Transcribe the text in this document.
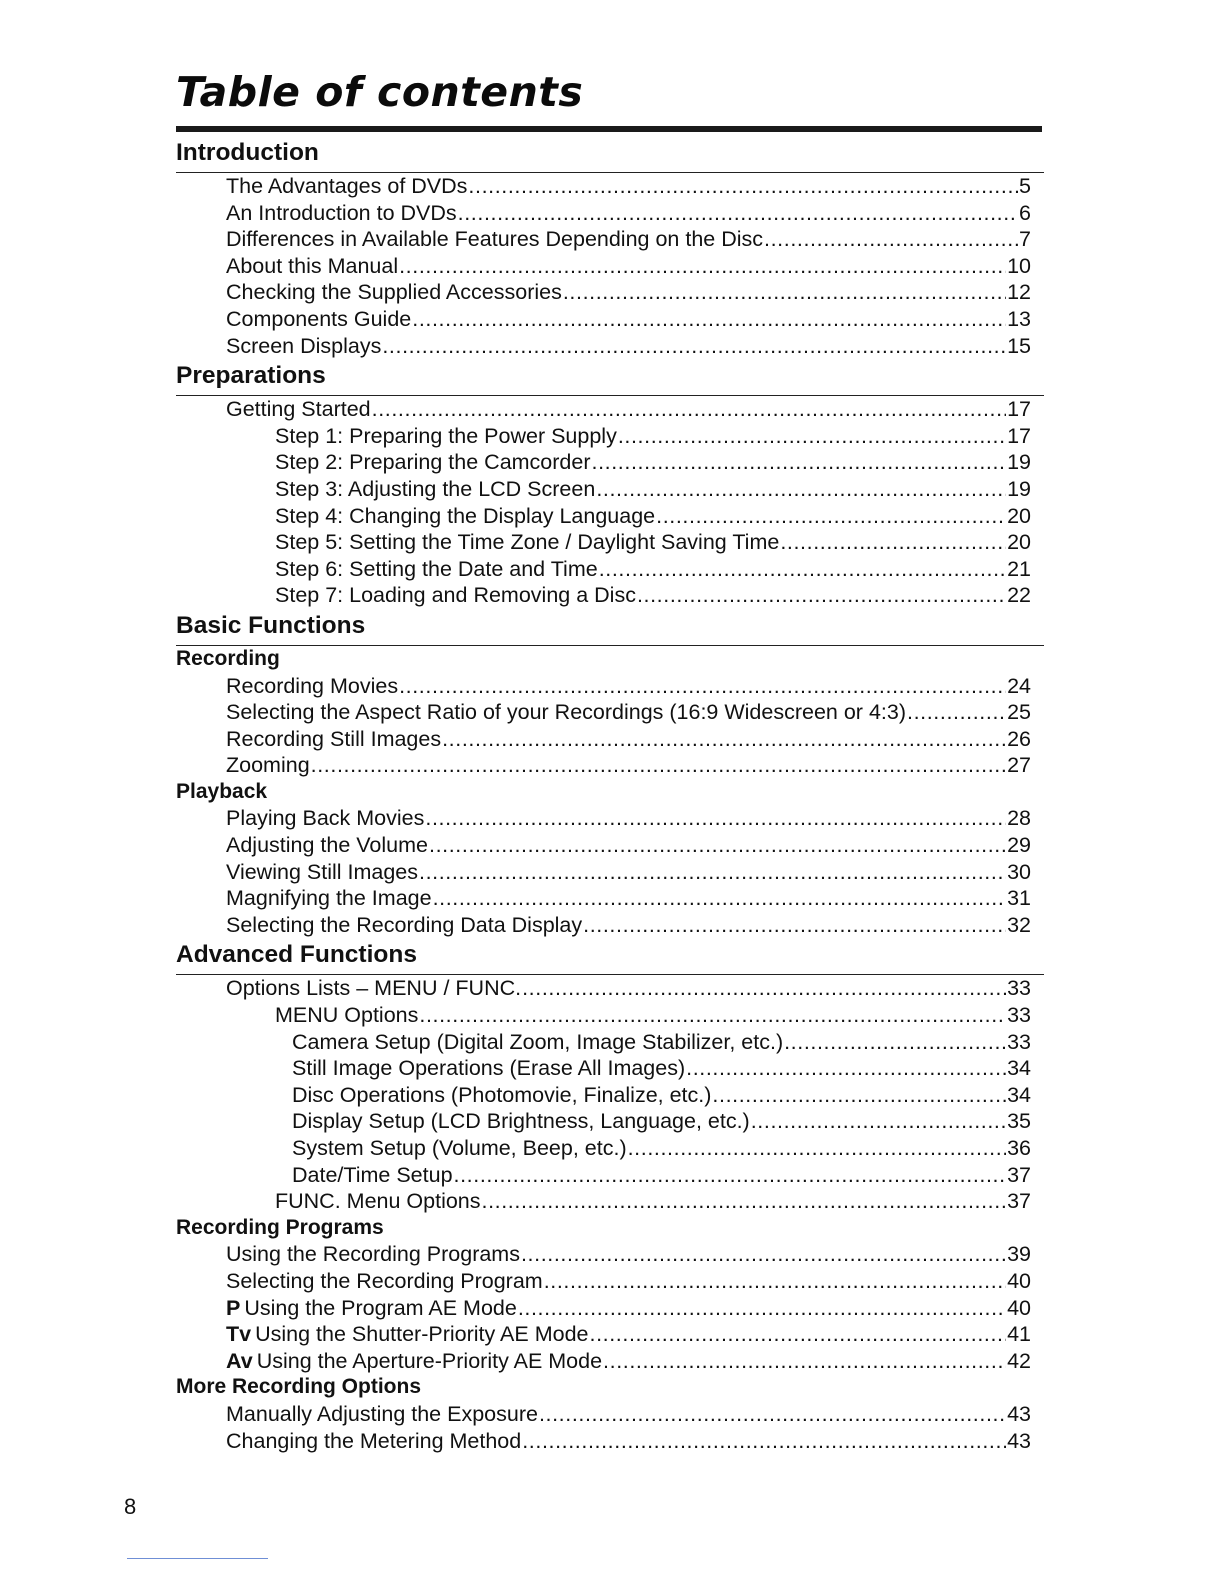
Table of contents
Introduction
The Advantages of DVDs .....	5
An Introduction to DVDs .....	6
Differences in Available Features Depending on the Disc .....	7
About this Manual .....	10
Checking the Supplied Accessories .....	12
Components Guide .....	13
Screen Displays .....	15
Preparations
Getting Started .....	17
Step 1: Preparing the Power Supply .....	17
Step 2: Preparing the Camcorder .....	19
Step 3: Adjusting the LCD Screen .....	19
Step 4: Changing the Display Language .....	20
Step 5: Setting the Time Zone / Daylight Saving Time .....	20
Step 6: Setting the Date and Time .....	21
Step 7: Loading and Removing a Disc .....	22
Basic Functions
Recording
Recording Movies .....	24
Selecting the Aspect Ratio of your Recordings (16:9 Widescreen or 4:3) .....	25
Recording Still Images .....	26
Zooming .....	27
Playback
Playing Back Movies .....	28
Adjusting the Volume .....	29
Viewing Still Images .....	30
Magnifying the Image .....	31
Selecting the Recording Data Display .....	32
Advanced Functions
Options Lists – MENU / FUNC. .....	33
MENU Options .....	33
Camera Setup (Digital Zoom, Image Stabilizer, etc.) .....	33
Still Image Operations (Erase All Images) .....	34
Disc Operations (Photomovie, Finalize, etc.) .....	34
Display Setup (LCD Brightness, Language, etc.) .....	35
System Setup (Volume, Beep, etc.) .....	36
Date/Time Setup .....	37
FUNC. Menu Options .....	37
Recording Programs
Using the Recording Programs .....	39
Selecting the Recording Program .....	40
P Using the Program AE Mode .....	40
Tv Using the Shutter-Priority AE Mode .....	41
Av Using the Aperture-Priority AE Mode .....	42
More Recording Options
Manually Adjusting the Exposure .....	43
Changing the Metering Method .....	43
8
